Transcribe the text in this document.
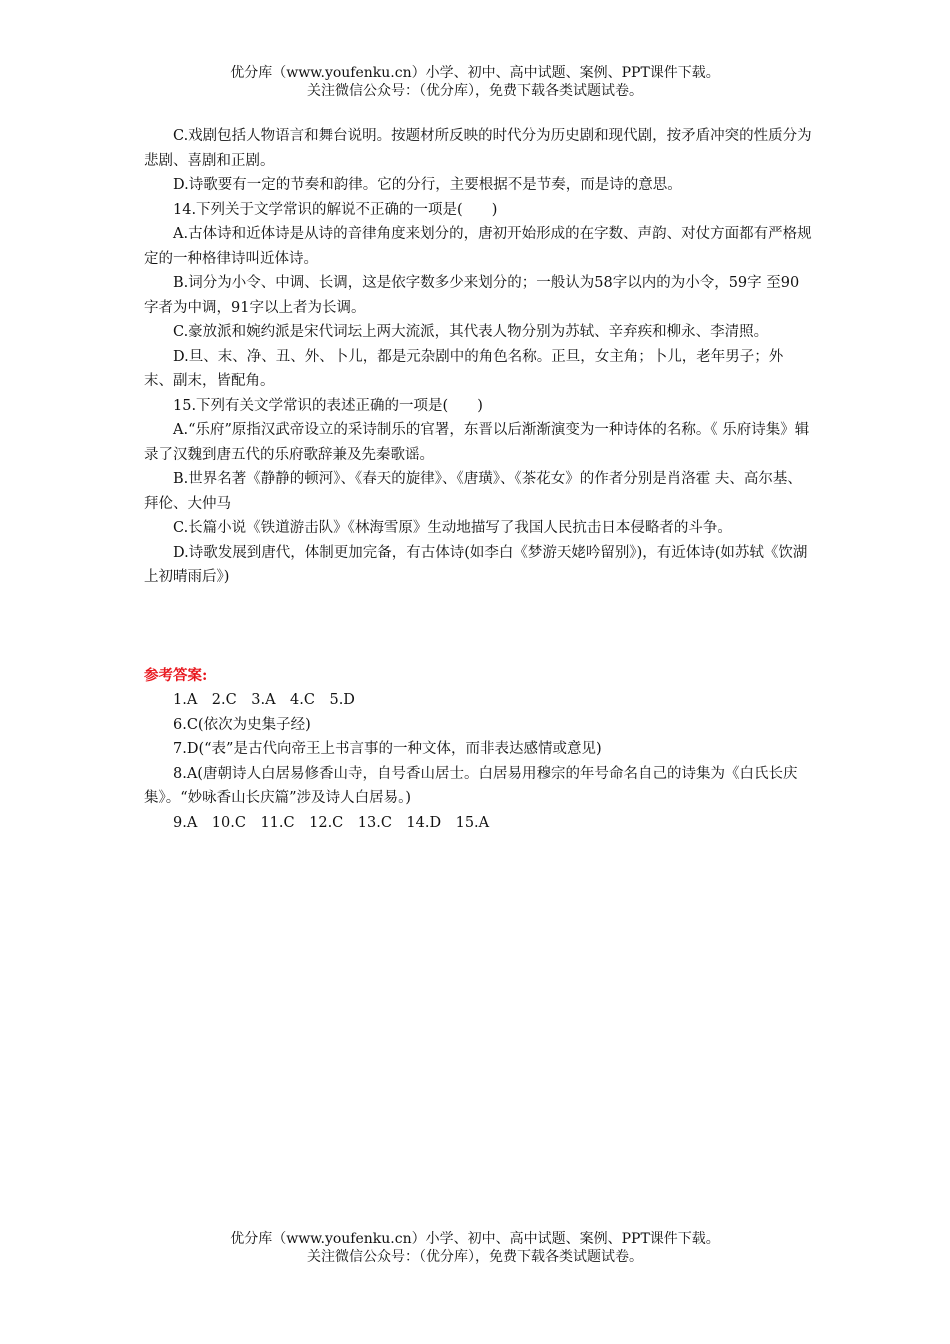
优分库（www.youfenku.cn）小学、初中、高中试题、案例、PPT课件下载。
关注微信公众号：（优分库），免费下载各类试题试卷。

C.戏剧包括人物语言和舞台说明。按题材所反映的时代分为历史剧和现代剧，按矛盾冲突的性质分为悲剧、喜剧和正剧。

D.诗歌要有一定的节奏和韵律。它的分行，主要根据不是节奏，而是诗的意思。

14.下列关于文学常识的解说不正确的一项是(　　)

A.古体诗和近体诗是从诗的音律角度来划分的，唐初开始形成的在字数、声韵、对仗方面都有严格规定的一种格律诗叫近体诗。

B.词分为小令、中调、长调，这是依字数多少来划分的；一般认为58字以内的为小令，59字 至90字者为中调，91字以上者为长调。

C.豪放派和婉约派是宋代词坛上两大流派，其代表人物分别为苏轼、辛弃疾和柳永、李清照。

D.旦、末、净、丑、外、卜儿，都是元杂剧中的角色名称。正旦，女主角；卜儿，老年男子；外末、副末，皆配角。

15.下列有关文学常识的表述正确的一项是(　　)

A.“乐府”原指汉武帝设立的采诗制乐的官署，东晋以后渐渐演变为一种诗体的名称。《 乐府诗集》辑录了汉魏到唐五代的乐府歌辞兼及先秦歌谣。

B.世界名著《静静的顿河》、《春天的旋律》、《唐璜》、《茶花女》的作者分别是肖洛霍 夫、高尔基、拜伦、大仲马

C.长篇小说《铁道游击队》《林海雪原》生动地描写了我国人民抗击日本侵略者的斗争。

D.诗歌发展到唐代，体制更加完备，有古体诗(如李白《梦游天姥吟留别》)，有近体诗(如苏轼《饮湖上初晴雨后》)

参考答案:

1.A　2.C　3.A　4.C　5.D

6.C(依次为史集子经)

7.D(“表”是古代向帝王上书言事的一种文体，而非表达感情或意见)

8.A(唐朝诗人白居易修香山寺，自号香山居士。白居易用穆宗的年号命名自己的诗集为《白氏长庆集》。“妙咏香山长庆篇”涉及诗人白居易。)

9.A　10.C　11.C　12.C　13.C　14.D　15.A

优分库（www.youfenku.cn）小学、初中、高中试题、案例、PPT课件下载。
关注微信公众号：（优分库），免费下载各类试题试卷。
